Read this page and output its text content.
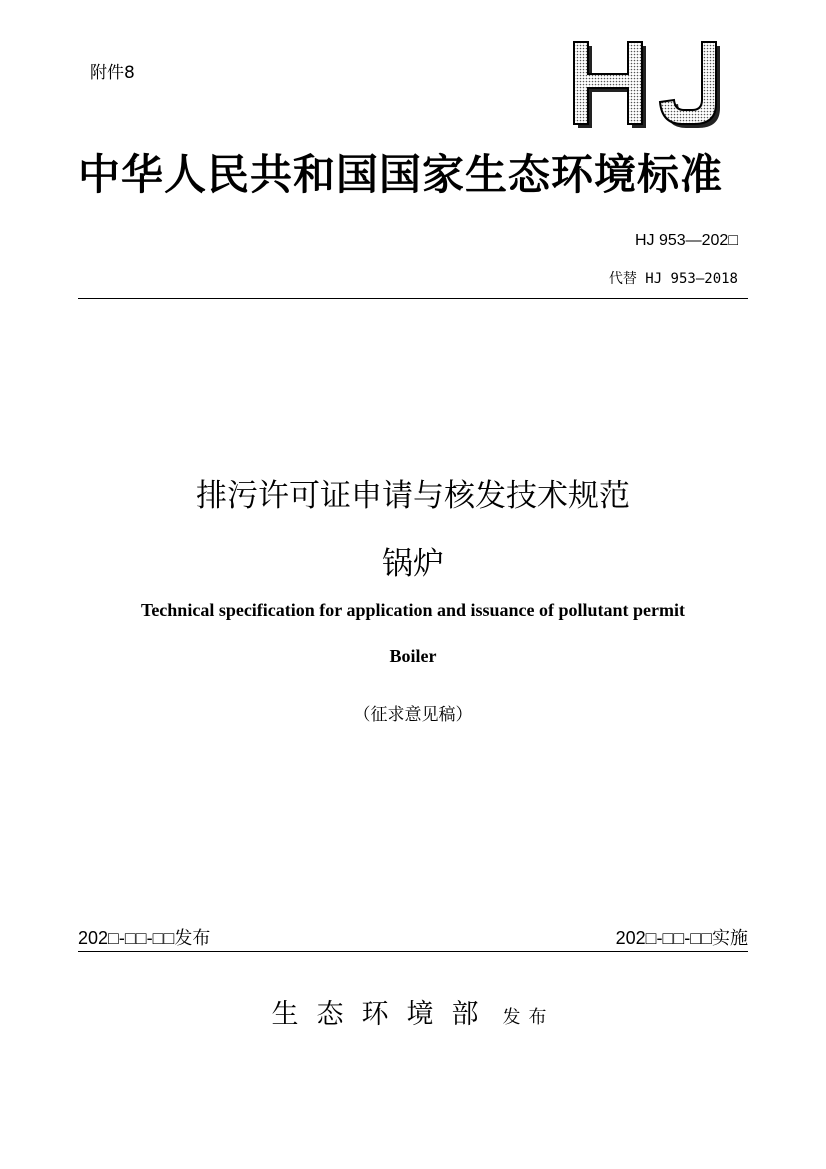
附件8
中华人民共和国国家生态环境标准
HJ 953—202□
代替 HJ 953—2018
排污许可证申请与核发技术规范
锅炉
Technical specification for application and issuance of pollutant permit
Boiler
（征求意见稿）
202□-□□-□□发布	202□-□□-□□实施
生态环境部 发布
